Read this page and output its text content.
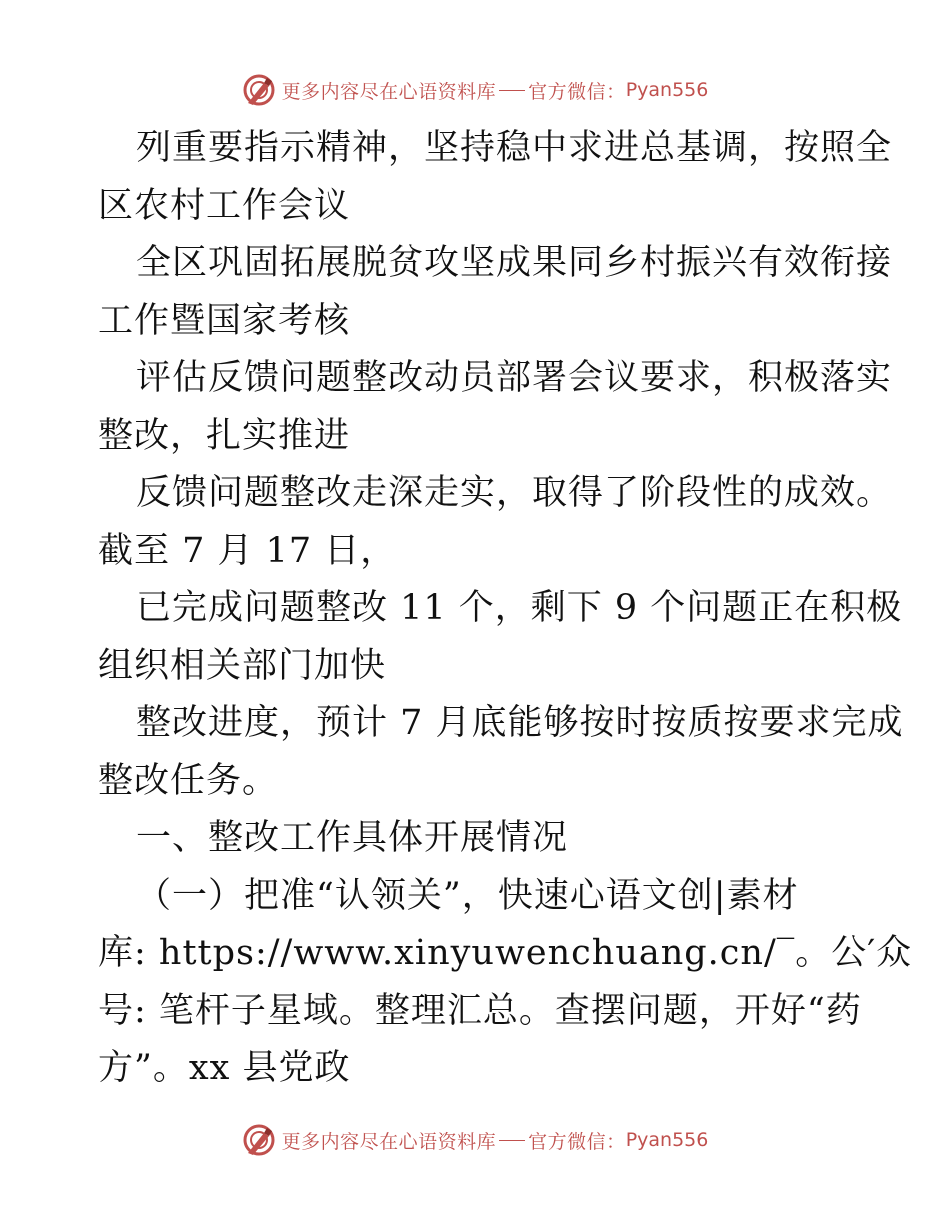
更多内容尽在心语资料库 官方微信： Pyan556
列重要指示精神，坚持稳中求进总基调，按照全
区农村工作会议
全区巩固拓展脱贫攻坚成果同乡村振兴有效衔接
工作暨国家考核
评估反馈问题整改动员部署会议要求，积极落实
整改，扎实推进
反馈问题整改走深走实，取得了阶段性的成效。
截至 7 月 17 日，
已完成问题整改 11 个，剩下 9 个问题正在积极
组织相关部门加快
整改进度，预计 7 月底能够按时按质按要求完成
整改任务。
一、整改工作具体开展情况
（一）把准“认领关”，快速心语文创|素材
库: https://www.xinyuwenchuang.cn/‾。公′众
号: 笔杆子星域。整理汇总。查摆问题，开好“药
方”。xx 县党政
更多内容尽在心语资料库 官方微信： Pyan556
